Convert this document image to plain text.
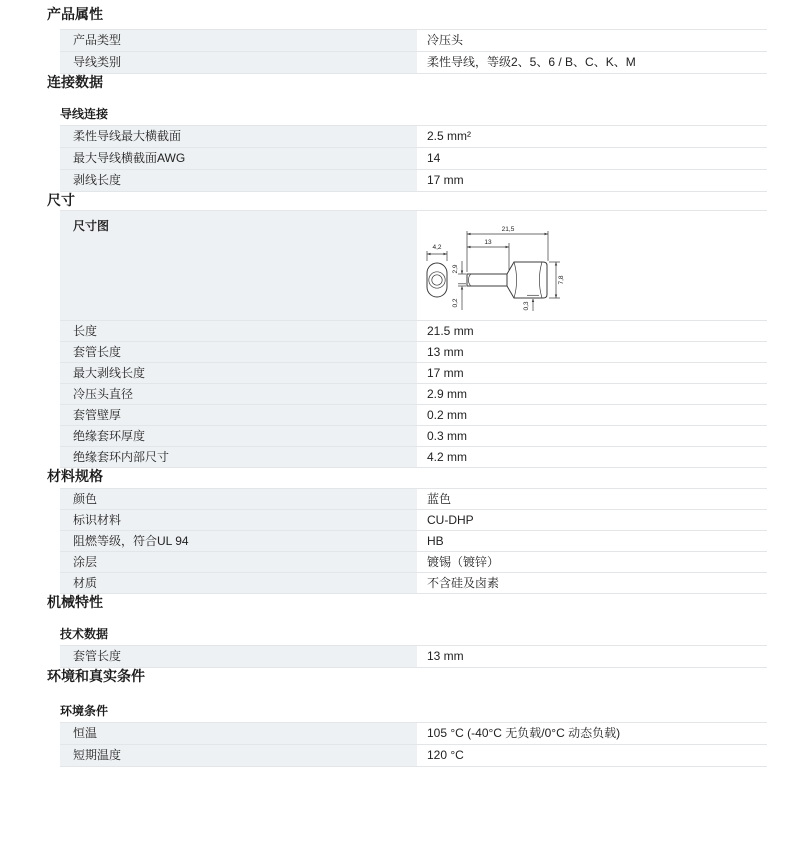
产品属性
产品类型	冷压头
导线类别	柔性导线，等级2、5、6 / B、C、K、M
连接数据
导线连接
柔性导线最大横截面	2.5 mm²
最大导线横截面AWG	14
剥线长度	17 mm
尺寸
尺寸图
4,2
21,5
13
2,9
0,2
7,8
0,3
长度	21.5 mm
套管长度	13 mm
最大剥线长度	17 mm
冷压头直径	2.9 mm
套管壁厚	0.2 mm
绝缘套环厚度	0.3 mm
绝缘套环内部尺寸	4.2 mm
材料规格
颜色	蓝色
标识材料	CU-DHP
阻燃等级，符合UL 94	HB
涂层	镀锡（镀锌）
材质	不含硅及卤素
机械特性
技术数据
套管长度	13 mm
环境和真实条件
环境条件
恒温	105 °C (-40°C 无负载/0°C 动态负载)
短期温度	120 °C
